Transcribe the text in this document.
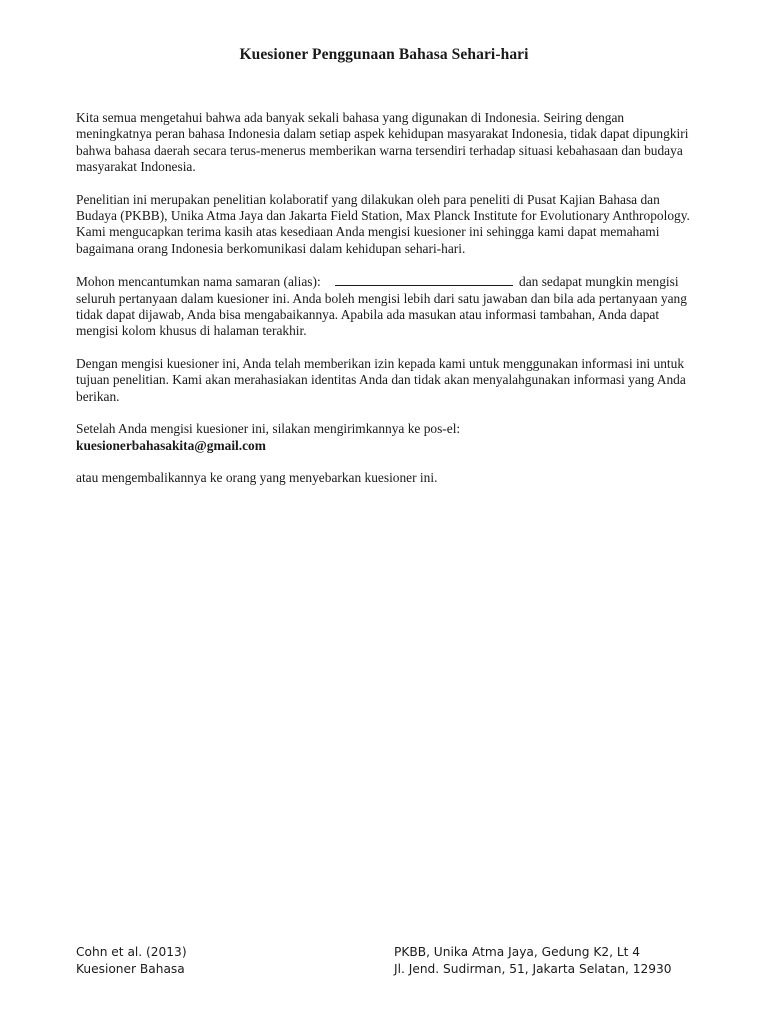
Kuesioner Penggunaan Bahasa Sehari-hari

Kita semua mengetahui bahwa ada banyak sekali bahasa yang digunakan di Indonesia. Seiring dengan meningkatnya peran bahasa Indonesia dalam setiap aspek kehidupan masyarakat Indonesia, tidak dapat dipungkiri bahwa bahasa daerah secara terus-menerus memberikan warna tersendiri terhadap situasi kebahasaan dan budaya masyarakat Indonesia.

Penelitian ini merupakan penelitian kolaboratif yang dilakukan oleh para peneliti di Pusat Kajian Bahasa dan Budaya (PKBB), Unika Atma Jaya dan Jakarta Field Station, Max Planck Institute for Evolutionary Anthropology. Kami mengucapkan terima kasih atas kesediaan Anda mengisi kuesioner ini sehingga kami dapat memahami bagaimana orang Indonesia berkomunikasi dalam kehidupan sehari-hari.

Mohon mencantumkan nama samaran (alias):	dan sedapat mungkin mengisi seluruh pertanyaan dalam kuesioner ini. Anda boleh mengisi lebih dari satu jawaban dan bila ada pertanyaan yang tidak dapat dijawab, Anda bisa mengabaikannya. Apabila ada masukan atau informasi tambahan, Anda dapat mengisi kolom khusus di halaman terakhir.

Dengan mengisi kuesioner ini, Anda telah memberikan izin kepada kami untuk menggunakan informasi ini untuk tujuan penelitian. Kami akan merahasiakan identitas Anda dan tidak akan menyalahgunakan informasi yang Anda berikan.

Setelah Anda mengisi kuesioner ini, silakan mengirimkannya ke pos-el:
kuesionerbahasakita@gmail.com

atau mengembalikannya ke orang yang menyebarkan kuesioner ini.

Cohn et al. (2013)
Kuesioner Bahasa
PKBB, Unika Atma Jaya, Gedung K2, Lt 4
Jl. Jend. Sudirman, 51, Jakarta Selatan, 12930
